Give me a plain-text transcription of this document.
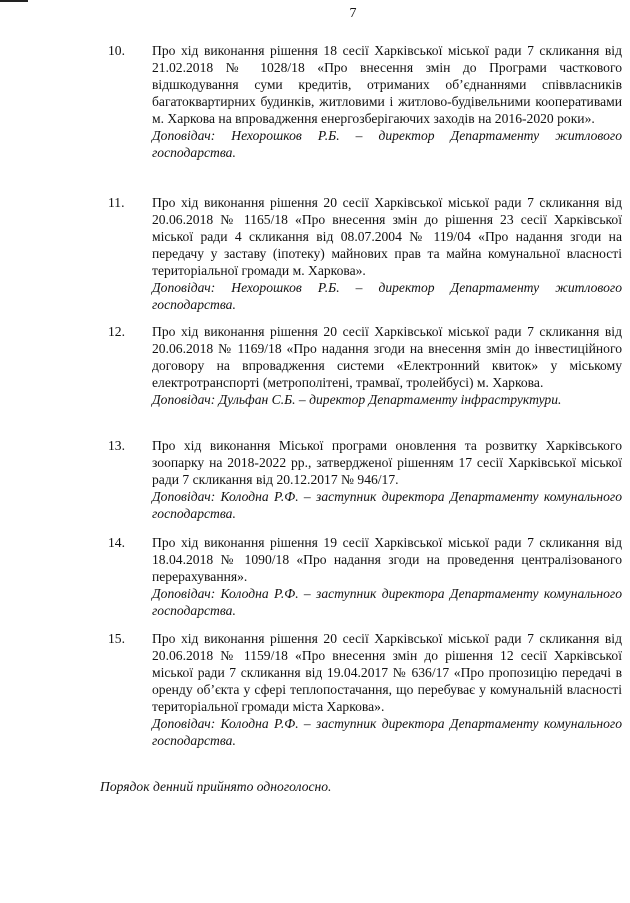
7
10.	Про хід виконання рішення 18 сесії Харківської міської ради 7 скликання від 21.02.2018 № 1028/18 «Про внесення змін до Програми часткового відшкодування суми кредитів, отриманих об’єднаннями співвласників багатоквартирних будинків, житловими і житлово-будівельними кооперативами м. Харкова на впровадження енергозберігаючих заходів на 2016-2020 роки».
Доповідач: Нехорошков Р.Б. – директор Департаменту житлового господарства.
11.	Про хід виконання рішення 20 сесії Харківської міської ради 7 скликання від 20.06.2018 № 1165/18 «Про внесення змін до рішення 23 сесії Харківської міської ради 4 скликання від 08.07.2004 № 119/04 «Про надання згоди на передачу у заставу (іпотеку) майнових прав та майна комунальної власності територіальної громади м. Харкова».
Доповідач: Нехорошков Р.Б. – директор Департаменту житлового господарства.
12.	Про хід виконання рішення 20 сесії Харківської міської ради 7 скликання від 20.06.2018 № 1169/18 «Про надання згоди на внесення змін до інвестиційного договору на впровадження системи «Електронний квиток» у міському електротранспорті (метрополітені, трамваї, тролейбусі) м. Харкова.
Доповідач: Дульфан С.Б. – директор Департаменту інфраструктури.
13.	Про хід виконання Міської програми оновлення та розвитку Харківського зоопарку на 2018-2022 рр., затвердженої рішенням 17 сесії Харківської міської ради 7 скликання від 20.12.2017 № 946/17.
Доповідач: Колодна Р.Ф. – заступник директора Департаменту комунального господарства.
14.	Про хід виконання рішення 19 сесії Харківської міської ради 7 скликання від 18.04.2018 № 1090/18 «Про надання згоди на проведення централізованого перерахування».
Доповідач: Колодна Р.Ф. – заступник директора Департаменту комунального господарства.
15.	Про хід виконання рішення 20 сесії Харківської міської ради 7 скликання від 20.06.2018 № 1159/18 «Про внесення змін до рішення 12 сесії Харківської міської ради 7 скликання від 19.04.2017 № 636/17 «Про пропозицію передачі в оренду об’єкта у сфері теплопостачання, що перебуває у комунальній власності територіальної громади міста Харкова».
Доповідач: Колодна Р.Ф. – заступник директора Департаменту комунального господарства.
Порядок денний прийнято одноголосно.
